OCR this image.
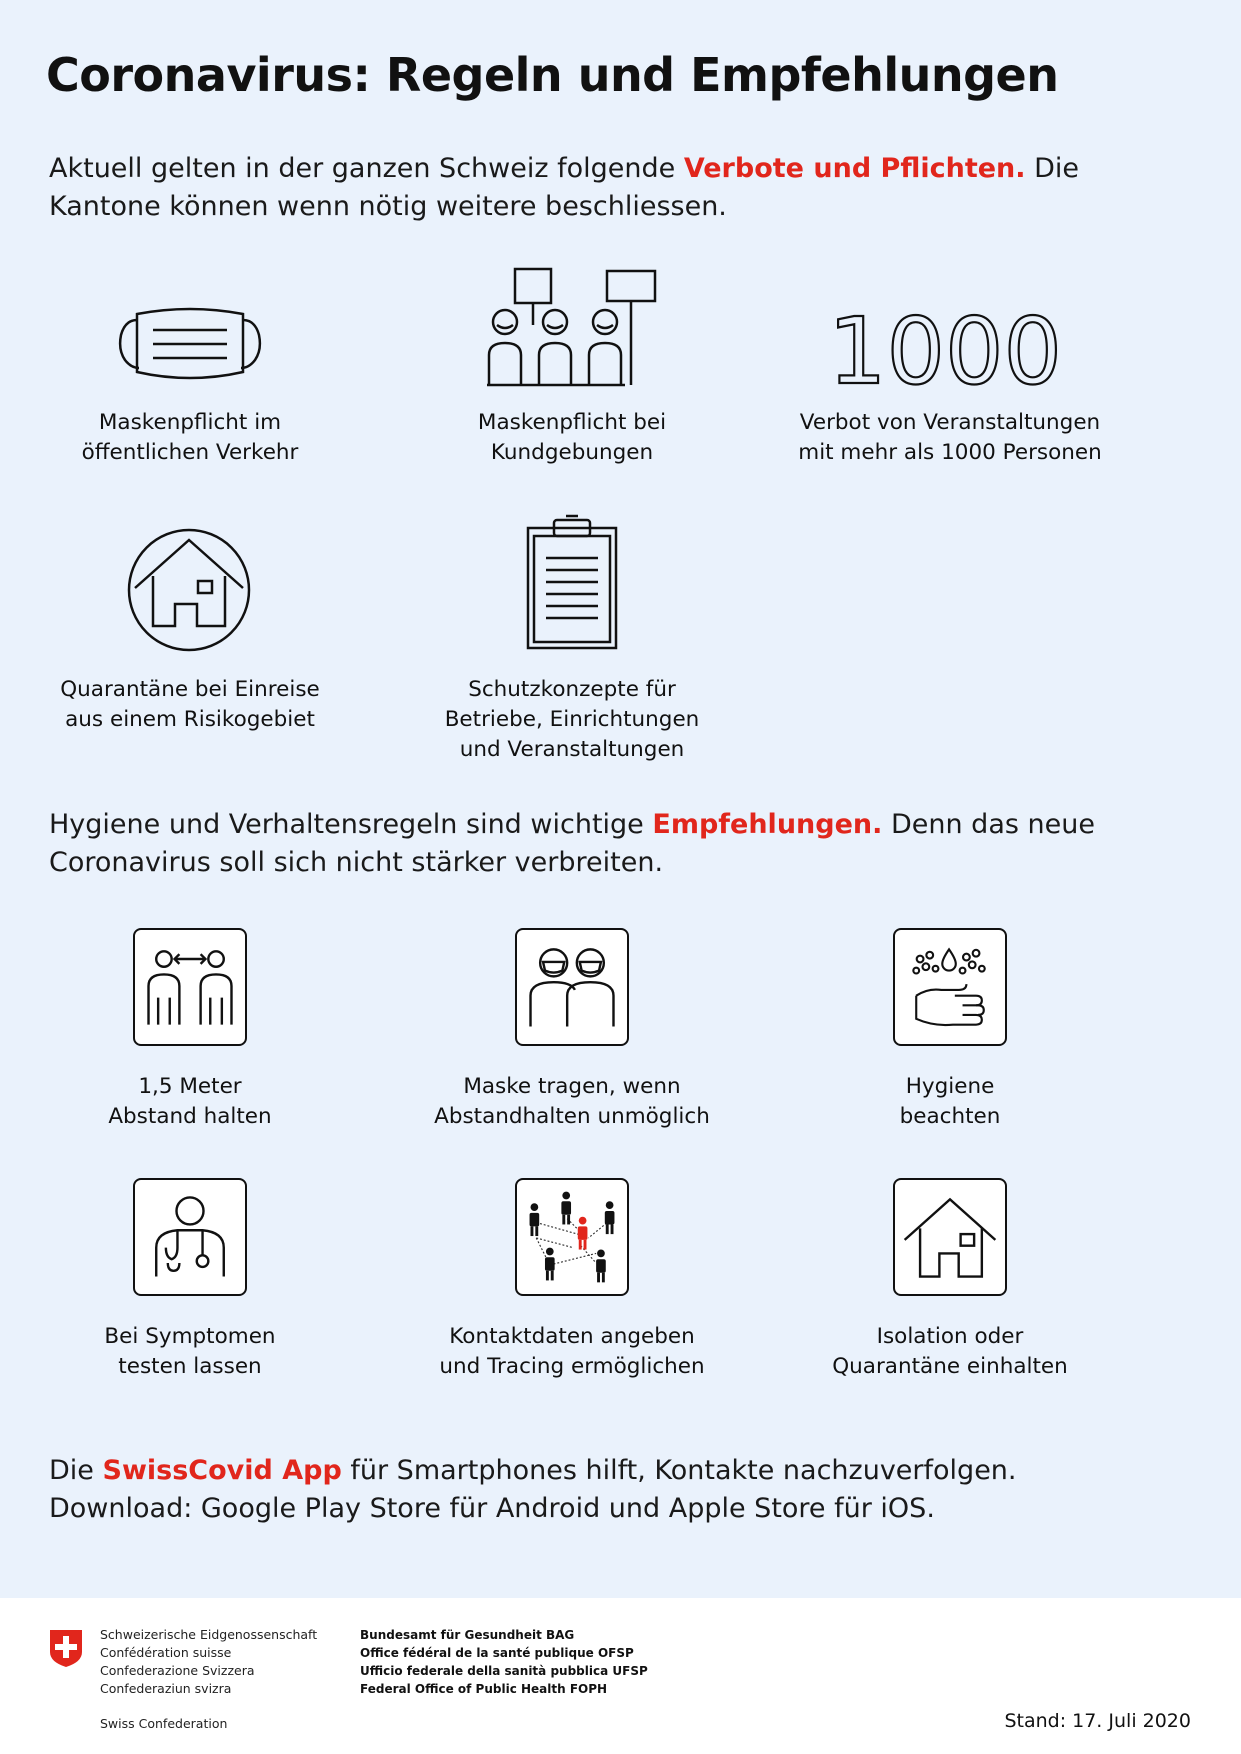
Coronavirus: Regeln und Empfehlungen
Aktuell gelten in der ganzen Schweiz folgende Verbote und Pflichten. Die Kantone können wenn nötig weitere beschliessen.
Maskenpflicht im
öffentlichen Verkehr
Maskenpflicht bei
Kundgebungen
1000
Verbot von Veranstaltungen
mit mehr als 1000 Personen
Quarantäne bei Einreise
aus einem Risikogebiet
Schutzkonzepte für
Betriebe, Einrichtungen
und Veranstaltungen
Hygiene und Verhaltensregeln sind wichtige Empfehlungen. Denn das neue Coronavirus soll sich nicht stärker verbreiten.
1,5 Meter
Abstand halten
Maske tragen, wenn
Abstandhalten unmöglich
Hygiene
beachten
Bei Symptomen
testen lassen
Kontaktdaten angeben
und Tracing ermöglichen
Isolation oder
Quarantäne einhalten
Die SwissCovid App für Smartphones hilft, Kontakte nachzuverfolgen.
Download: Google Play Store für Android und Apple Store für iOS.
Schweizerische Eidgenossenschaft
Confédération suisse
Confederazione Svizzera
Confederaziun svizra
Swiss Confederation
Bundesamt für Gesundheit BAG
Office fédéral de la santé publique OFSP
Ufficio federale della sanità pubblica UFSP
Federal Office of Public Health FOPH
Stand: 17. Juli 2020
